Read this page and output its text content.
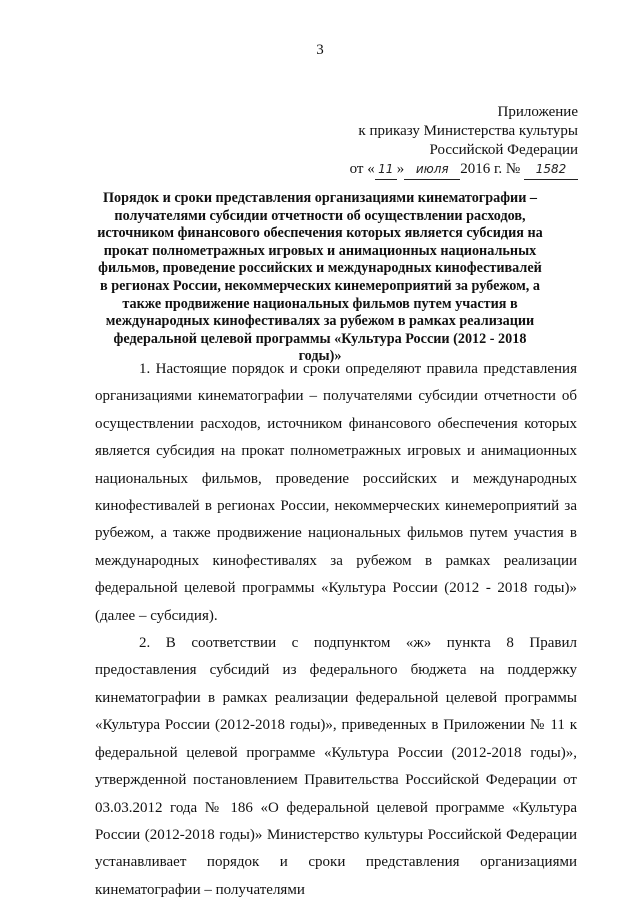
3
Приложение
к приказу Министерства культуры
Российской Федерации
от « 11 » июля 2016 г. № 1582
Порядок и сроки представления организациями кинематографии – получателями субсидии отчетности об осуществлении расходов, источником финансового обеспечения которых является субсидия на прокат полнометражных игровых и анимационных национальных фильмов, проведение российских и международных кинофестивалей в регионах России, некоммерческих кинемероприятий за рубежом, а также продвижение национальных фильмов путем участия в международных кинофестивалях за рубежом в рамках реализации федеральной целевой программы «Культура России (2012 - 2018 годы)»

1. Настоящие порядок и сроки определяют правила представления организациями кинематографии – получателями субсидии отчетности об осуществлении расходов, источником финансового обеспечения которых является субсидия на прокат полнометражных игровых и анимационных национальных фильмов, проведение российских и международных кинофестивалей в регионах России, некоммерческих кинемероприятий за рубежом, а также продвижение национальных фильмов путем участия в международных кинофестивалях за рубежом в рамках реализации федеральной целевой программы «Культура России (2012 - 2018 годы)» (далее – субсидия).

2. В соответствии с подпунктом «ж» пункта 8 Правил предоставления субсидий из федерального бюджета на поддержку кинематографии в рамках реализации федеральной целевой программы «Культура России (2012-2018 годы)», приведенных в Приложении № 11 к федеральной целевой программе «Культура России (2012-2018 годы)», утвержденной постановлением Правительства Российской Федерации от 03.03.2012 года № 186 «О федеральной целевой программе «Культура России (2012-2018 годы)» Министерство культуры Российской Федерации устанавливает порядок и сроки представления организациями кинематографии – получателями
